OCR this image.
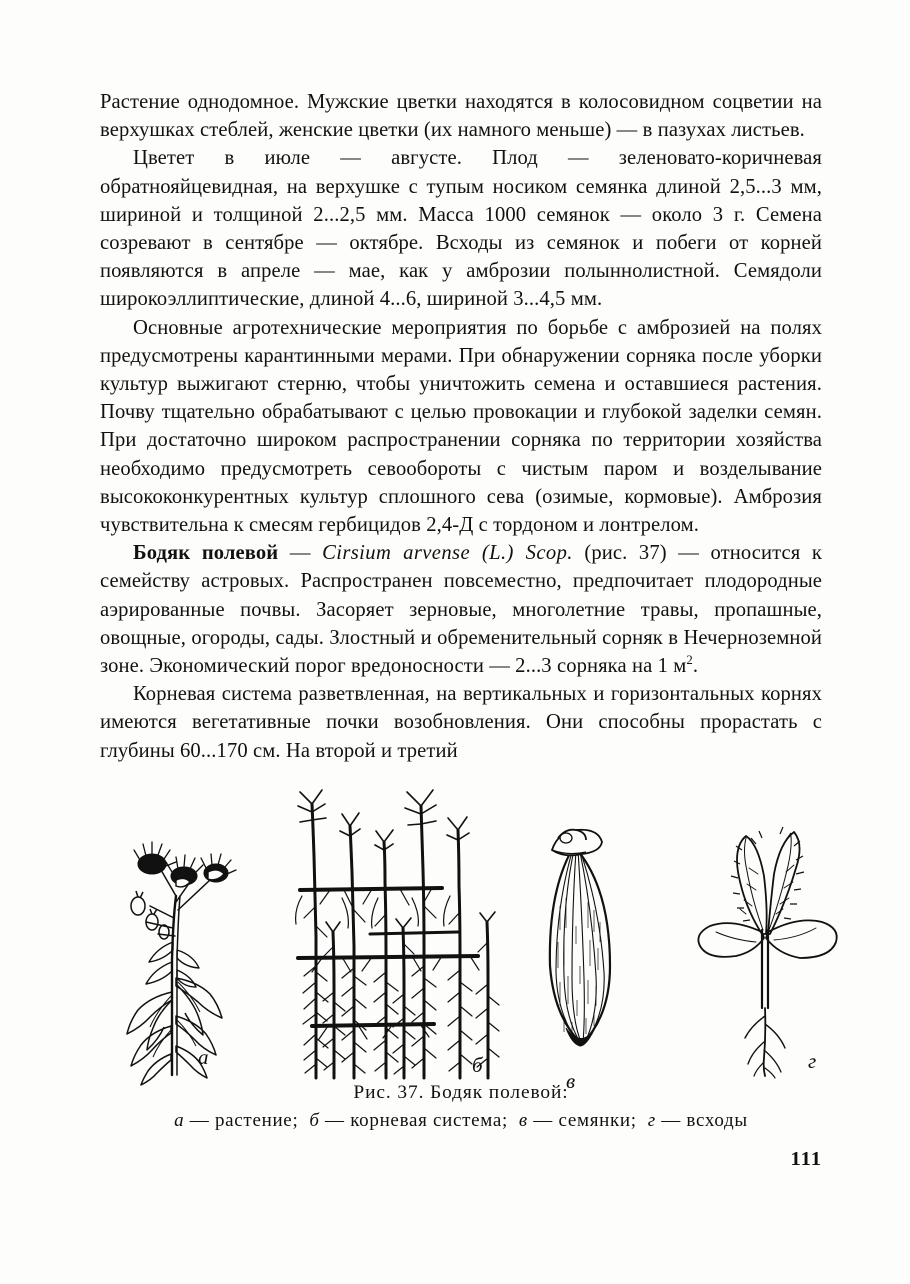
Растение однодомное. Мужские цветки находятся в колосовидном соцветии на верхушках стеблей, женские цветки (их намного меньше) — в пазухах листьев.

Цветет в июле — августе. Плод — зеленовато-коричневая обратнояйцевидная, на верхушке с тупым носиком семянка длиной 2,5...3 мм, шириной и толщиной 2...2,5 мм. Масса 1000 семянок — около 3 г. Семена созревают в сентябре — октябре. Всходы из семянок и побеги от корней появляются в апреле — мае, как у амброзии полыннолистной. Семядоли широкоэллиптические, длиной 4...6, шириной 3...4,5 мм.

Основные агротехнические мероприятия по борьбе с амброзией на полях предусмотрены карантинными мерами. При обнаружении сорняка после уборки культур выжигают стерню, чтобы уничтожить семена и оставшиеся растения. Почву тщательно обрабатывают с целью провокации и глубокой заделки семян. При достаточно широком распространении сорняка по территории хозяйства необходимо предусмотреть севообороты с чистым паром и возделывание высококонкурентных культур сплошного сева (озимые, кормовые). Амброзия чувствительна к смесям гербицидов 2,4-Д с тордоном и лонтрелом.

Бодяк полевой — Cirsium arvense (L.) Scop. (рис. 37) — относится к семейству астровых. Распространен повсеместно, предпочитает плодородные аэрированные почвы. Засоряет зерновые, многолетние травы, пропашные, овощные, огороды, сады. Злостный и обременительный сорняк в Нечерноземной зоне. Экономический порог вредоносности — 2...3 сорняка на 1 $м^2$.

Корневая система разветвленная, на вертикальных и горизонтальных корнях имеются вегетативные почки возобновления. Они способны прорастать с глубины 60...170 см. На второй и третий

а	б
в
г

Рис. 37. Бодяк полевой:

а — растение; б — корневая система; в — семянки; г — всходы

111
